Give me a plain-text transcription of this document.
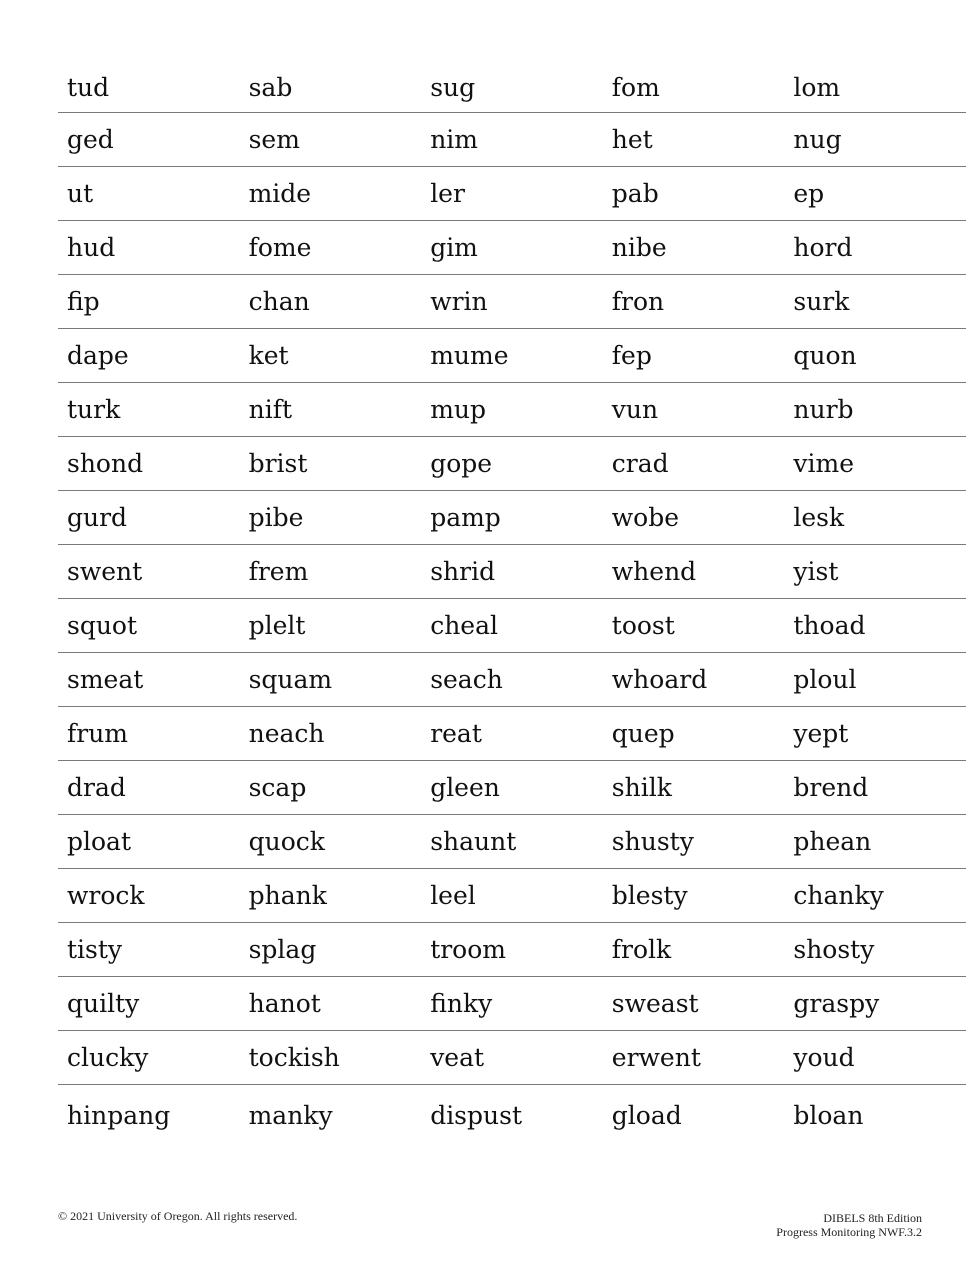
tud	sab	sug	fom	lom
ged	sem	nim	het	nug
ut	mide	ler	pab	ep
hud	fome	gim	nibe	hord
fip	chan	wrin	fron	surk
dape	ket	mume	fep	quon
turk	nift	mup	vun	nurb
shond	brist	gope	crad	vime
gurd	pibe	pamp	wobe	lesk
swent	frem	shrid	whend	yist
squot	plelt	cheal	toost	thoad
smeat	squam	seach	whoard	ploul
frum	neach	reat	quep	yept
drad	scap	gleen	shilk	brend
ploat	quock	shaunt	shusty	phean
wrock	phank	leel	blesty	chanky
tisty	splag	troom	frolk	shosty
quilty	hanot	finky	sweast	graspy
clucky	tockish	veat	erwent	youd
hinpang	manky	dispust	gload	bloan
© 2021 University of Oregon. All rights reserved.	DIBELS 8th Edition
Progress Monitoring NWF.3.2
